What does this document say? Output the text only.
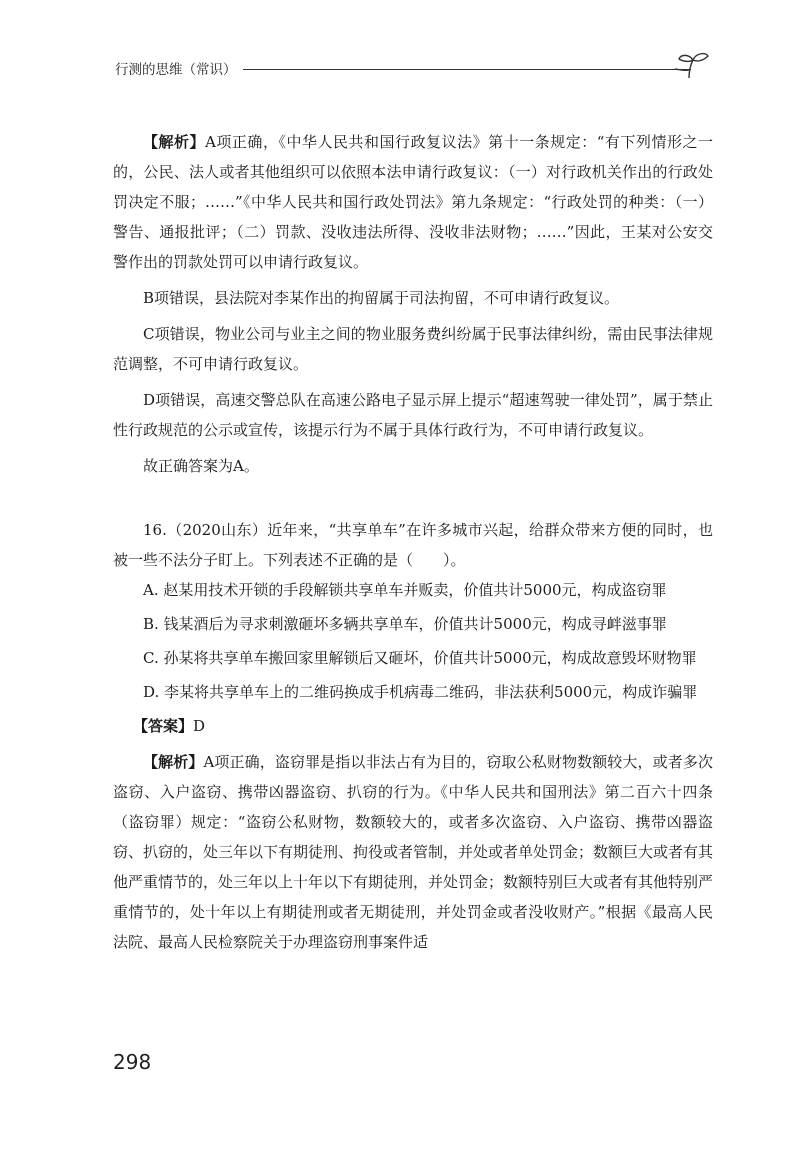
行测的思维（常识）

【解析】A项正确，《中华人民共和国行政复议法》第十一条规定：“有下列情形之一的，公民、法人或者其他组织可以依照本法申请行政复议：（一）对行政机关作出的行政处罚决定不服；……”《中华人民共和国行政处罚法》第九条规定：“行政处罚的种类：（一）警告、通报批评；（二）罚款、没收违法所得、没收非法财物；……”因此，王某对公安交警作出的罚款处罚可以申请行政复议。

B项错误，县法院对李某作出的拘留属于司法拘留，不可申请行政复议。

C项错误，物业公司与业主之间的物业服务费纠纷属于民事法律纠纷，需由民事法律规范调整，不可申请行政复议。

D项错误，高速交警总队在高速公路电子显示屏上提示“超速驾驶一律处罚”，属于禁止性行政规范的公示或宣传，该提示行为不属于具体行政行为，不可申请行政复议。

故正确答案为A。

16.（2020山东）近年来，“共享单车”在许多城市兴起，给群众带来方便的同时，也被一些不法分子盯上。下列表述不正确的是（　　）。

A. 赵某用技术开锁的手段解锁共享单车并贩卖，价值共计5000元，构成盗窃罪

B. 钱某酒后为寻求刺激砸坏多辆共享单车，价值共计5000元，构成寻衅滋事罪

C. 孙某将共享单车搬回家里解锁后又砸坏，价值共计5000元，构成故意毁坏财物罪

D. 李某将共享单车上的二维码换成手机病毒二维码，非法获利5000元，构成诈骗罪

【答案】D

【解析】A项正确，盗窃罪是指以非法占有为目的，窃取公私财物数额较大，或者多次盗窃、入户盗窃、携带凶器盗窃、扒窃的行为。《中华人民共和国刑法》第二百六十四条（盗窃罪）规定：“盗窃公私财物，数额较大的，或者多次盗窃、入户盗窃、携带凶器盗窃、扒窃的，处三年以下有期徒刑、拘役或者管制，并处或者单处罚金；数额巨大或者有其他严重情节的，处三年以上十年以下有期徒刑，并处罚金；数额特别巨大或者有其他特别严重情节的，处十年以上有期徒刑或者无期徒刑，并处罚金或者没收财产。”根据《最高人民法院、最高人民检察院关于办理盗窃刑事案件适

298
